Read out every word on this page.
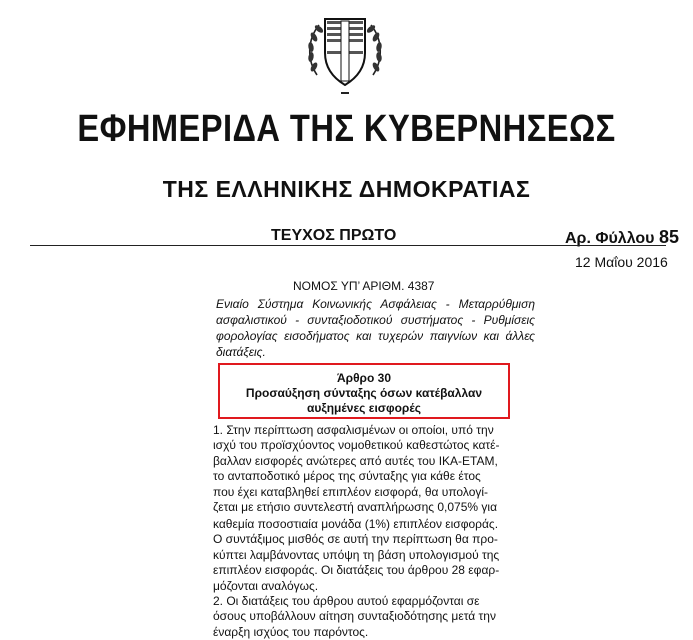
ΕΦΗΜΕΡΙΔΑ ΤΗΣ ΚΥΒΕΡΝΗΣΕΩΣ
ΤΗΣ ΕΛΛΗΝΙΚΗΣ ΔΗΜΟΚΡΑΤΙΑΣ
ΤΕΥΧΟΣ ΠΡΩΤΟ	Αρ. Φύλλου 85
12 Μαΐου 2016
ΝΟΜΟΣ ΥΠ’ ΑΡΙΘΜ. 4387
Ενιαίο Σύστημα Κοινωνικής Ασφάλειας - Μεταρρύθμιση ασφαλιστικού - συνταξιοδοτικού συστήματος - Ρυθμίσεις φορολογίας εισοδήματος και τυχερών παιγνίων και άλλες διατάξεις.
Άρθρο 30
Προσαύξηση σύνταξης όσων κατέβαλλαν
αυξημένες εισφορές
1. Στην περίπτωση ασφαλισμένων οι οποίοι, υπό την
ισχύ του προϊσχύοντος νομοθετικού καθεστώτος κατέ-
βαλλαν εισφορές ανώτερες από αυτές του ΙΚΑ-ΕΤΑΜ,
το ανταποδοτικό μέρος της σύνταξης για κάθε έτος
που έχει καταβληθεί επιπλέον εισφορά, θα υπολογί-
ζεται με ετήσιο συντελεστή αναπλήρωσης 0,075% για
καθεμία ποσοστιαία μονάδα (1%) επιπλέον εισφοράς.
Ο συντάξιμος μισθός σε αυτή την περίπτωση θα προ-
κύπτει λαμβάνοντας υπόψη τη βάση υπολογισμού της
επιπλέον εισφοράς. Οι διατάξεις του άρθρου 28 εφαρ-
μόζονται αναλόγως.
2. Οι διατάξεις του άρθρου αυτού εφαρμόζονται σε
όσους υποβάλλουν αίτηση συνταξιοδότησης μετά την
έναρξη ισχύος του παρόντος.
